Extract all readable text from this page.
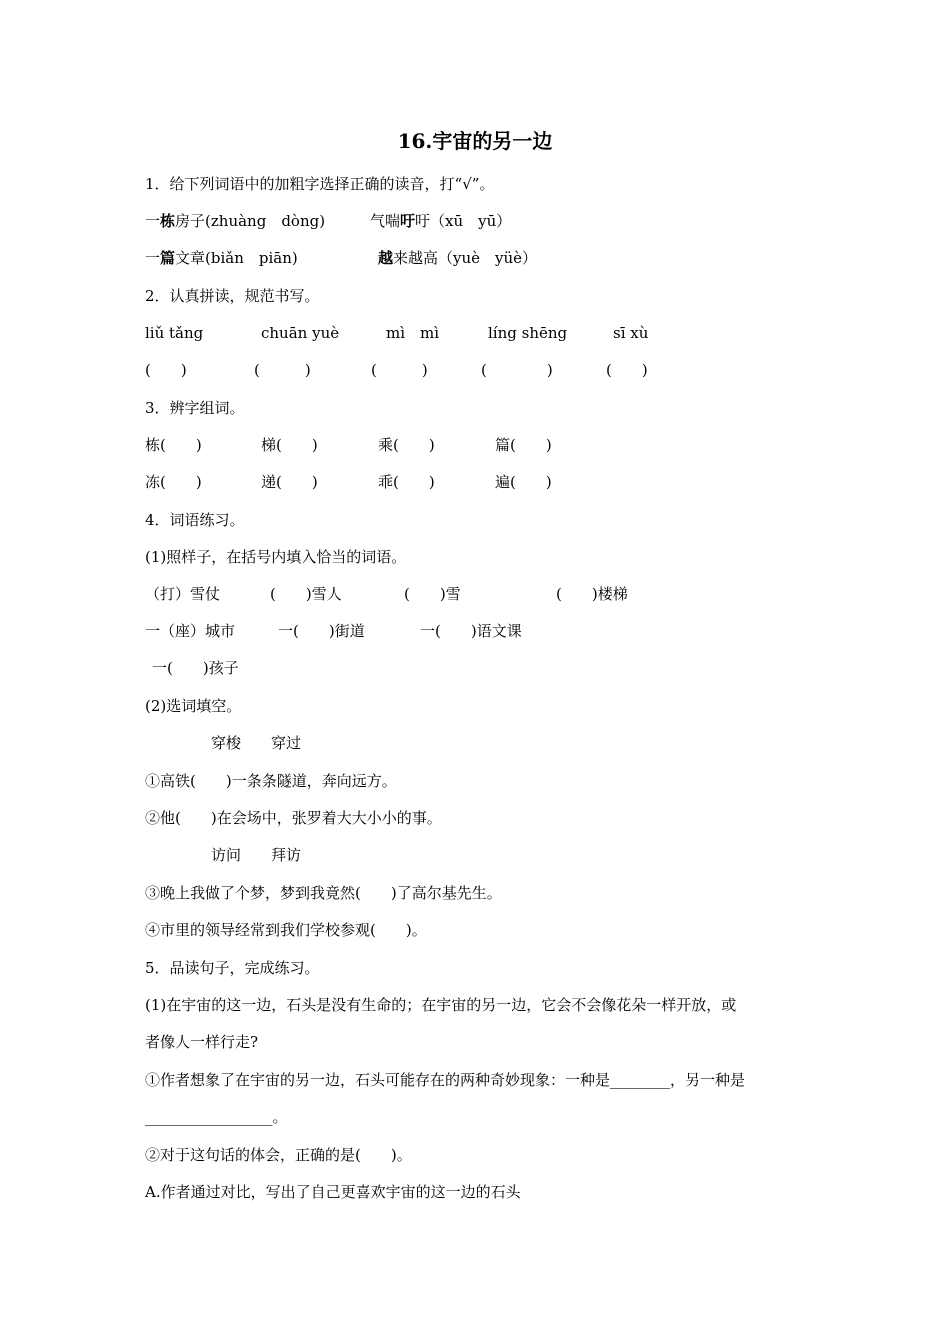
16.宇宙的另一边
1．给下列词语中的加粗字选择正确的读音，打“√”。
一栋房子(zhuàng　dòng)	气喘吁吁（xū　yū）
一篇文章(biǎn　piān)	越来越高（yuè　yüè）
2．认真拼读，规范书写。
liǔ tǎng	chuān yuè	mì　mì	líng shēng	sī xù
(　　)	(　　　)	(　　　)	(　　　　)	(　　)
3．辨字组词。
栋(　　)	梯(　　)	乘(　　)	篇(　　)
冻(　　)	递(　　)	乖(　　)	遍(　　)
4．词语练习。
(1)照样子，在括号内填入恰当的词语。
（打）雪仗	(　　)雪人	(　　)雪	(　　)楼梯
一（座）城市	一(　　)街道	一(　　)语文课
一(　　)孩子
(2)选词填空。
穿梭　　穿过
①高铁(　　)一条条隧道，奔向远方。
②他(　　)在会场中，张罗着大大小小的事。
访问　　拜访
③晚上我做了个梦，梦到我竟然(　　)了高尔基先生。
④市里的领导经常到我们学校参观(　　)。
5．品读句子，完成练习。
(1)在宇宙的这一边，石头是没有生命的；在宇宙的另一边，它会不会像花朵一样开放，或
者像人一样行走?
①作者想象了在宇宙的另一边，石头可能存在的两种奇妙现象：一种是________，另一种是
_________________。
②对于这句话的体会，正确的是(　　)。
A.作者通过对比，写出了自己更喜欢宇宙的这一边的石头
